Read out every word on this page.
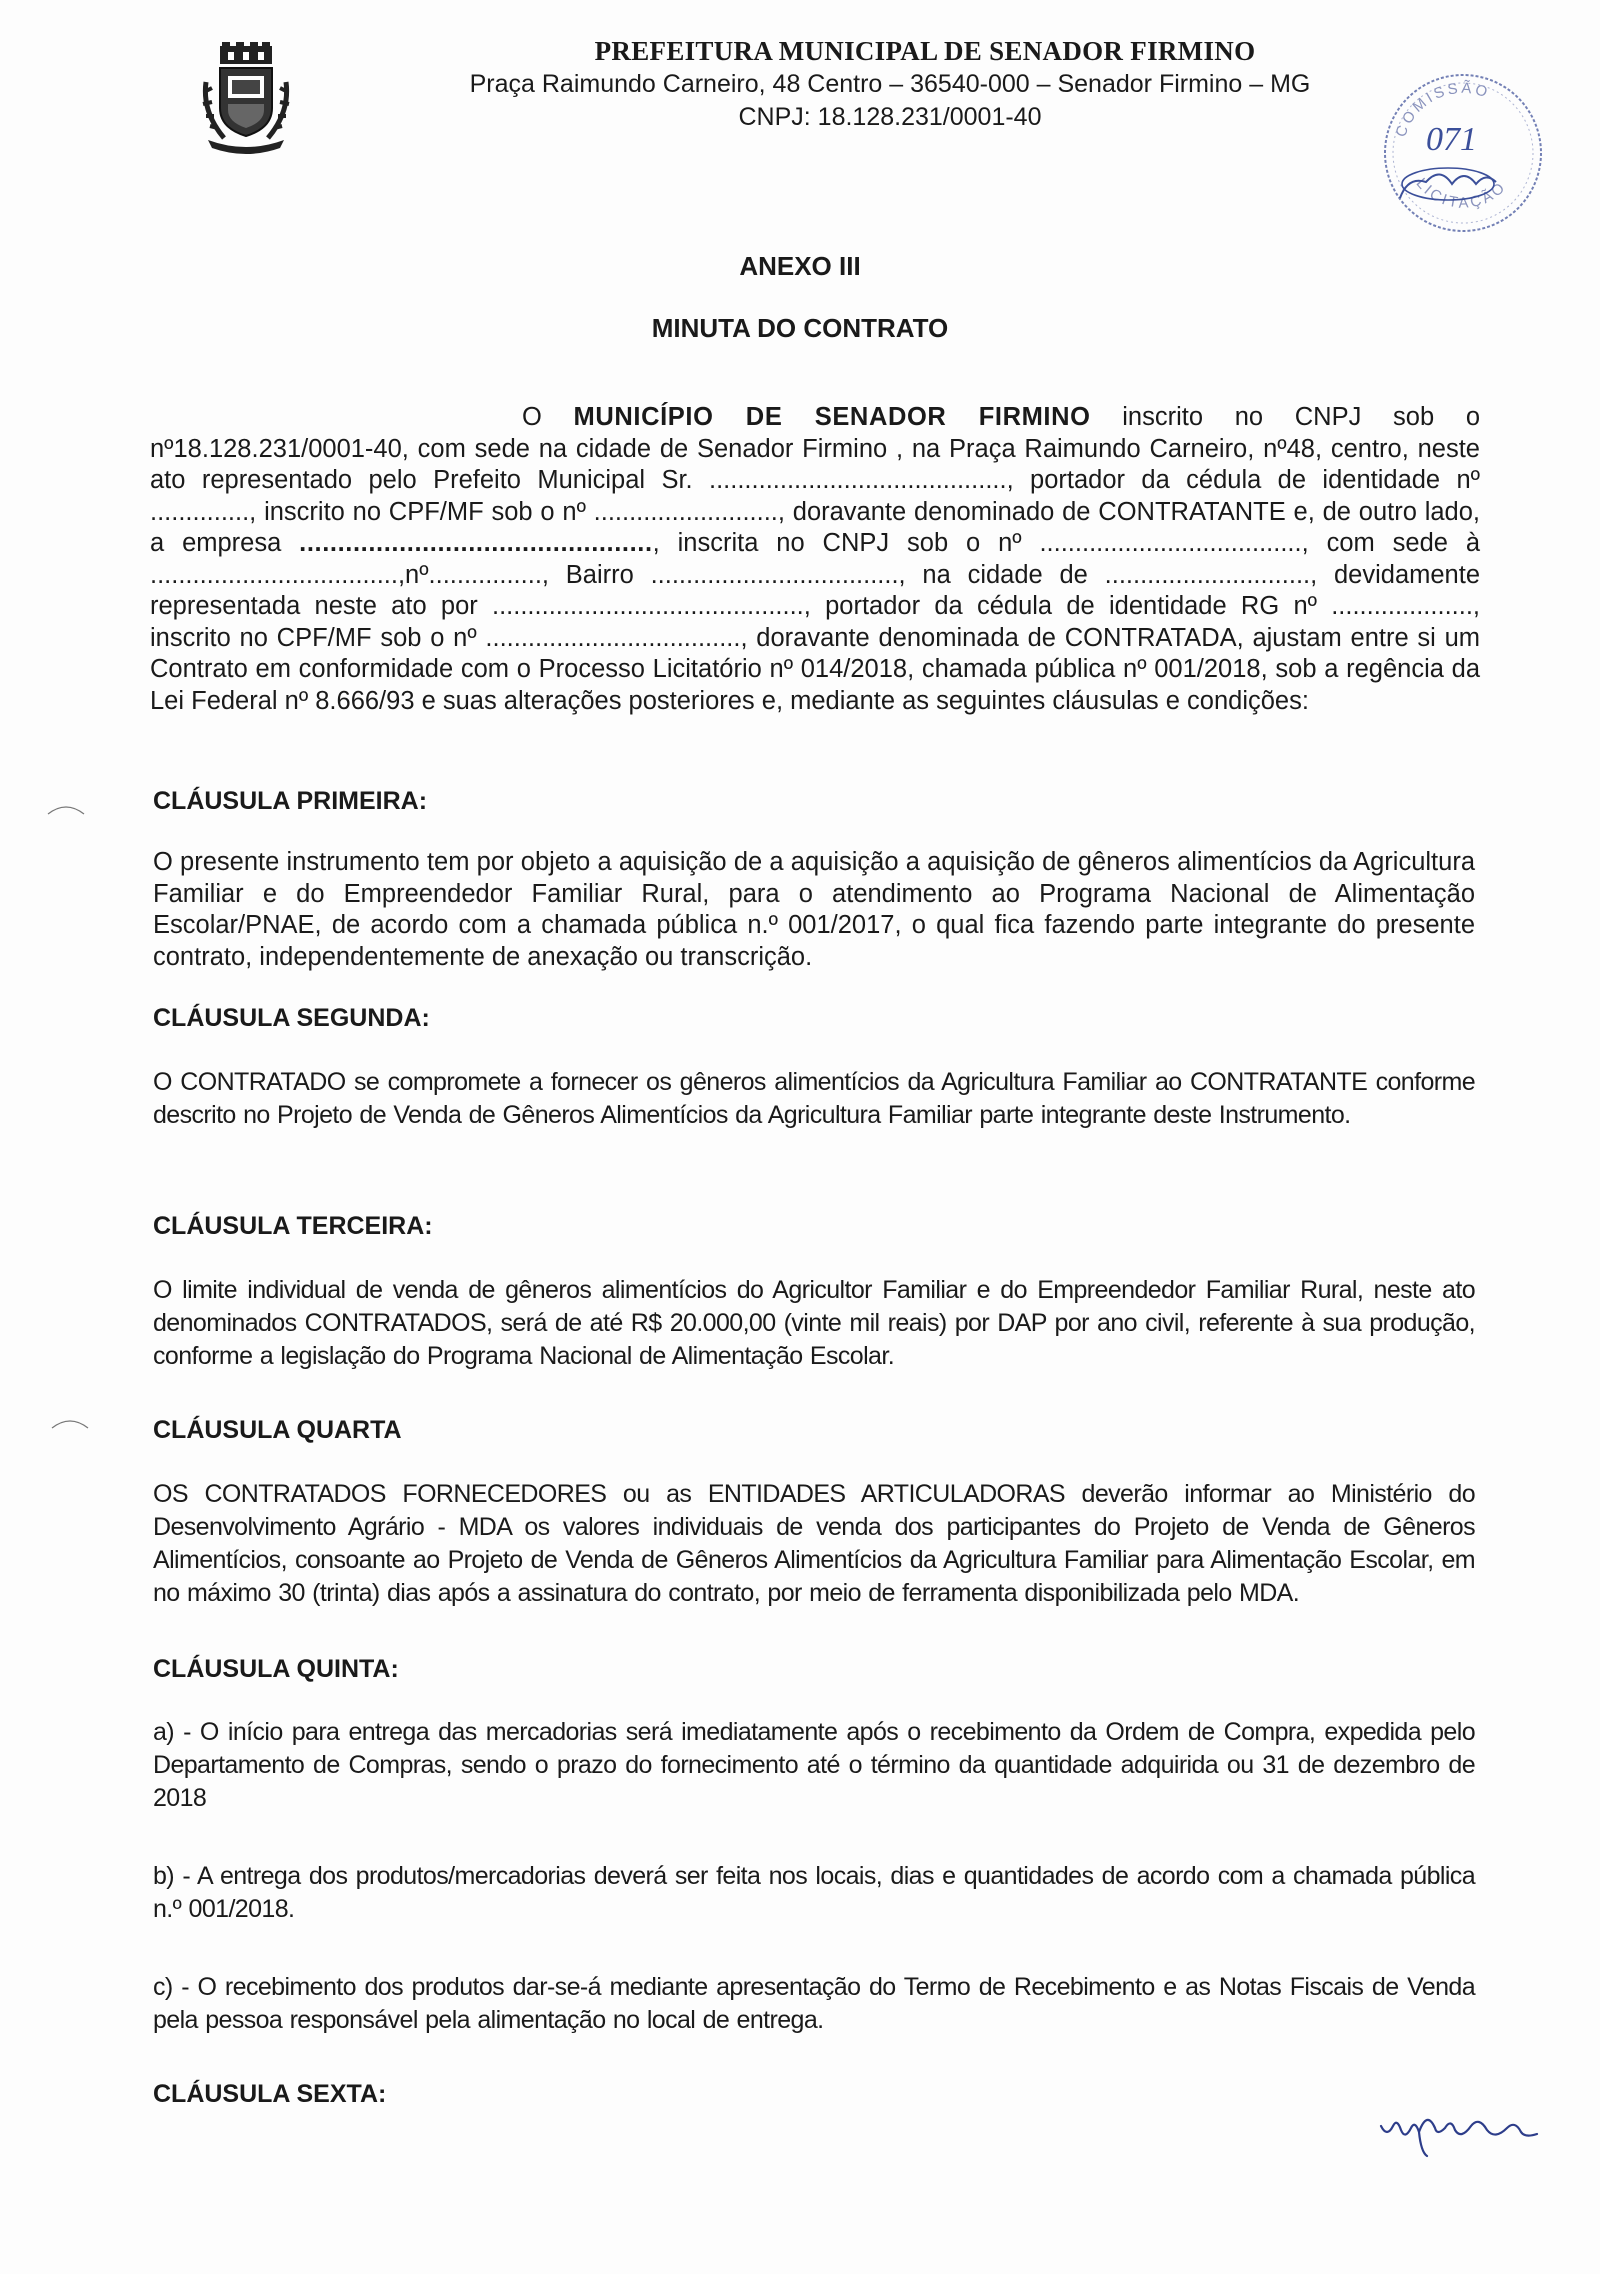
PREFEITURA MUNICIPAL DE SENADOR FIRMINO
Praça Raimundo Carneiro, 48 Centro – 36540-000 – Senador Firmino – MG
CNPJ: 18.128.231/0001-40	COMISSÃO
LICITAÇÃO
071
ANEXO III
MINUTA DO CONTRATO

O MUNICÍPIO DE SENADOR FIRMINO inscrito no CNPJ sob o nº18.128.231/0001-40, com sede na cidade de Senador Firmino , na Praça Raimundo Carneiro, nº48, centro, neste ato representado pelo Prefeito Municipal Sr. .........................................., portador da cédula de identidade nº .............., inscrito no CPF/MF sob o nº .........................., doravante denominado de CONTRATANTE e, de outro lado, a empresa .............................................., inscrita no CNPJ sob o nº ....................................., com sede à ...................................,nº................, Bairro ..................................., na cidade de ............................., devidamente representada neste ato por ............................................, portador da cédula de identidade RG nº ...................., inscrito no CPF/MF sob o nº ...................................., doravante denominada de CONTRATADA, ajustam entre si um Contrato em conformidade com o Processo Licitatório nº 014/2018, chamada pública nº 001/2018, sob a regência da Lei Federal nº 8.666/93 e suas alterações posteriores e, mediante as seguintes cláusulas e condições:

CLÁUSULA PRIMEIRA:

O presente instrumento tem por objeto a aquisição de a aquisição a aquisição de gêneros alimentícios da Agricultura Familiar e do Empreendedor Familiar Rural, para o atendimento ao Programa Nacional de Alimentação Escolar/PNAE, de acordo com a chamada pública n.º 001/2017, o qual fica fazendo parte integrante do presente contrato, independentemente de anexação ou transcrição.

CLÁUSULA SEGUNDA:

O CONTRATADO se compromete a fornecer os gêneros alimentícios da Agricultura Familiar ao CONTRATANTE conforme descrito no Projeto de Venda de Gêneros Alimentícios da Agricultura Familiar parte integrante deste Instrumento.

CLÁUSULA TERCEIRA:

O limite individual de venda de gêneros alimentícios do Agricultor Familiar e do Empreendedor Familiar Rural, neste ato denominados CONTRATADOS, será de até R$ 20.000,00 (vinte mil reais) por DAP por ano civil, referente à sua produção, conforme a legislação do Programa Nacional de Alimentação Escolar.

CLÁUSULA QUARTA

OS CONTRATADOS FORNECEDORES ou as ENTIDADES ARTICULADORAS deverão informar ao Ministério do Desenvolvimento Agrário - MDA os valores individuais de venda dos participantes do Projeto de Venda de Gêneros Alimentícios, consoante ao Projeto de Venda de Gêneros Alimentícios da Agricultura Familiar para Alimentação Escolar, em no máximo 30 (trinta) dias após a assinatura do contrato, por meio de ferramenta disponibilizada pelo MDA.

CLÁUSULA QUINTA:

a) - O início para entrega das mercadorias será imediatamente após o recebimento da Ordem de Compra, expedida pelo Departamento de Compras, sendo o prazo do fornecimento até o término da quantidade adquirida ou 31 de dezembro de 2018

b) - A entrega dos produtos/mercadorias deverá ser feita nos locais, dias e quantidades de acordo com a chamada pública n.º 001/2018.

c) - O recebimento dos produtos dar-se-á mediante apresentação do Termo de Recebimento e as Notas Fiscais de Venda pela pessoa responsável pela alimentação no local de entrega.

CLÁUSULA SEXTA:
